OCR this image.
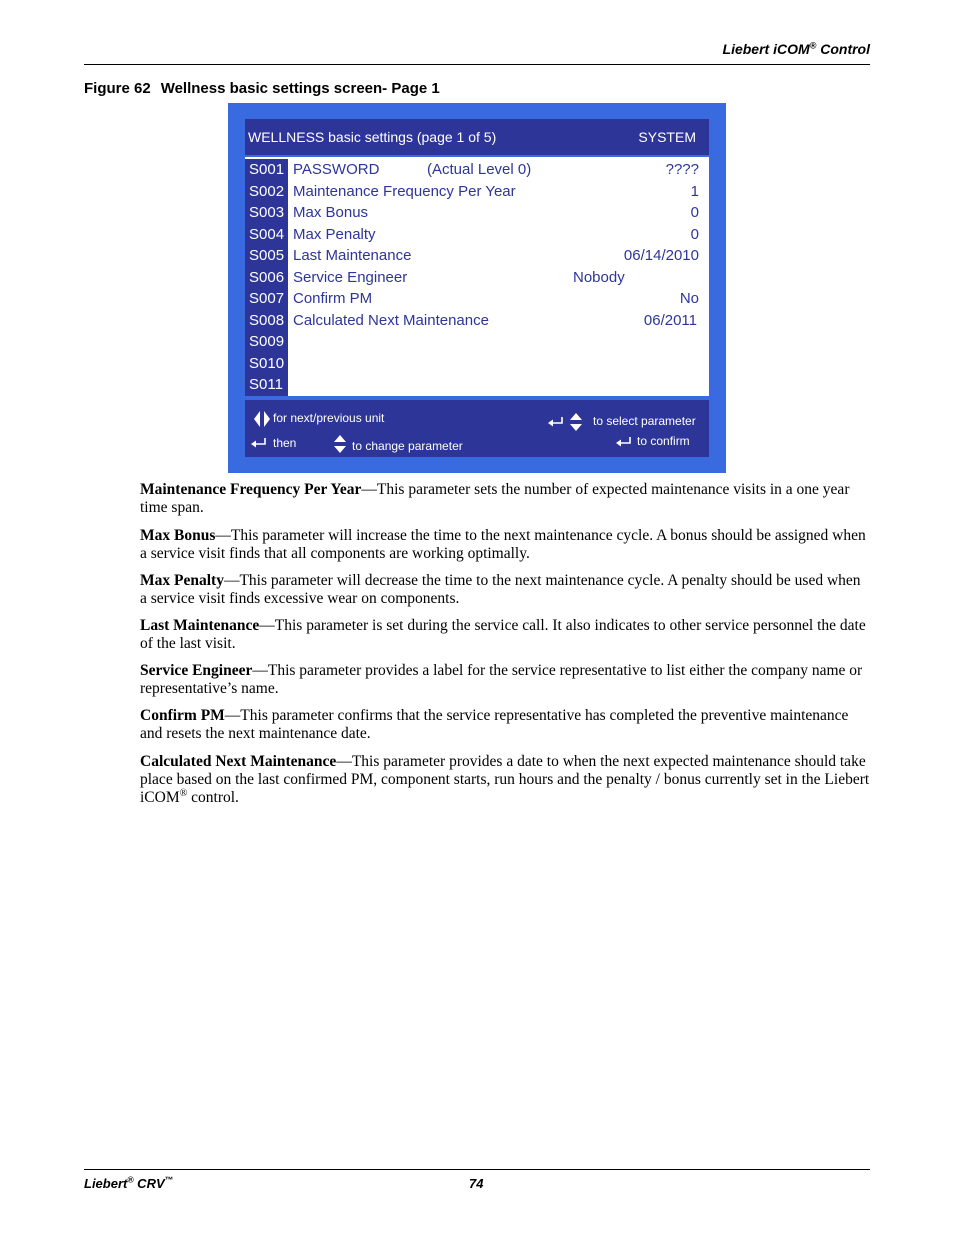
Liebert iCOM® Control
Figure 62 Wellness basic settings screen- Page 1
WELLNESS basic settings (page 1 of 5)	SYSTEM
S001 PASSWORD	(Actual Level 0)	????
S002 Maintenance Frequency Per Year	1
S003 Max Bonus	0
S004 Max Penalty	0
S005 Last Maintenance	06/14/2010
S006 Service Engineer	Nobody
S007 Confirm PM	No
S008 Calculated Next Maintenance	06/2011
S009
S010
S011
for next/previous unit	to select parameter
then	to change parameter	to confirm
Maintenance Frequency Per Year—This parameter sets the number of expected maintenance visits in a one year time span.
Max Bonus—This parameter will increase the time to the next maintenance cycle. A bonus should be assigned when a service visit finds that all components are working optimally.
Max Penalty—This parameter will decrease the time to the next maintenance cycle. A penalty should be used when a service visit finds excessive wear on components.
Last Maintenance—This parameter is set during the service call. It also indicates to other service personnel the date of the last visit.
Service Engineer—This parameter provides a label for the service representative to list either the company name or representative’s name.
Confirm PM—This parameter confirms that the service representative has completed the preventive maintenance and resets the next maintenance date.
Calculated Next Maintenance—This parameter provides a date to when the next expected maintenance should take place based on the last confirmed PM, component starts, run hours and the penalty / bonus currently set in the Liebert iCOM® control.
Liebert® CRV™	74
